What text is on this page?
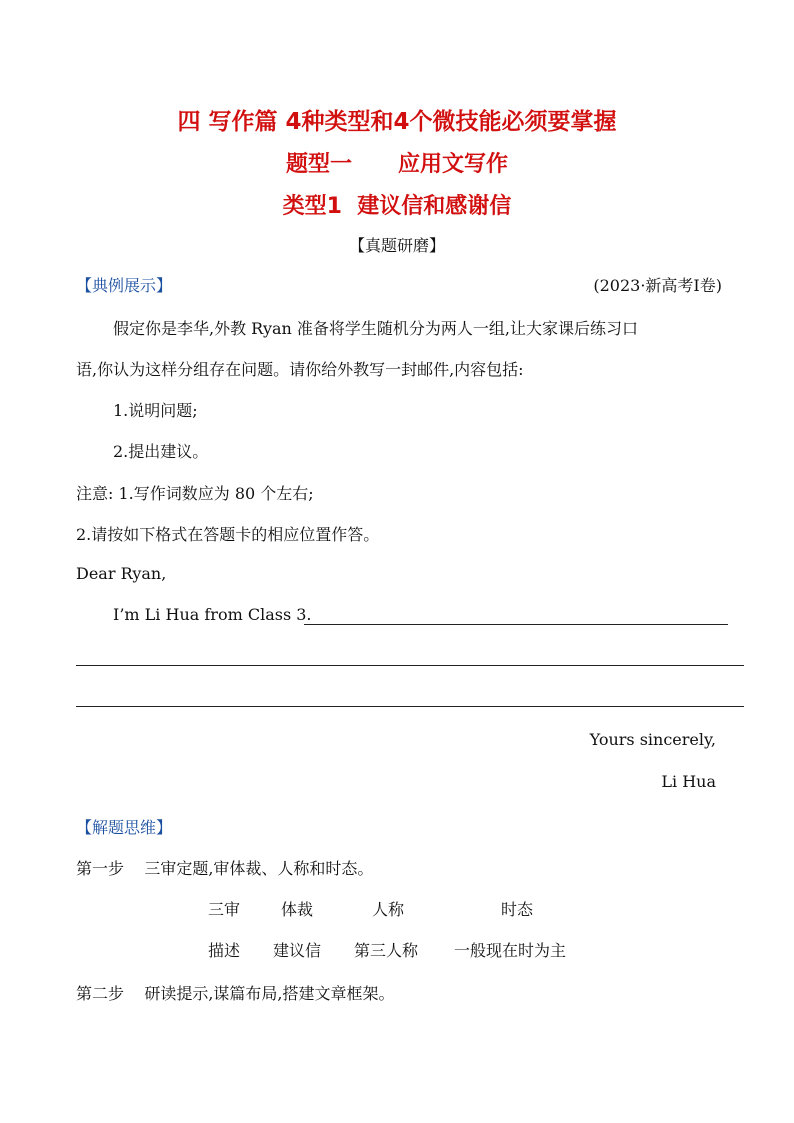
四 写作篇 4种类型和4个微技能必须要掌握
题型一      应用文写作
类型1  建议信和感谢信
【真题研磨】
【典例展示】	(2023·新高考Ⅰ卷)
假定你是李华,外教 Ryan 准备将学生随机分为两人一组,让大家课后练习口
语,你认为这样分组存在问题。请你给外教写一封邮件,内容包括:
1.说明问题;
2.提出建议。
注意: 1.写作词数应为 80 个左右;
2.请按如下格式在答题卡的相应位置作答。
Dear Ryan,
I’m Li Hua from Class 3.
Yours sincerely,
Li Hua
【解题思维】
第一步    三审定题,审体裁、人称和时态。
三审	体裁	人称	时态
描述 建议信 第三人称 一般现在时为主
第二步    研读提示,谋篇布局,搭建文章框架。
